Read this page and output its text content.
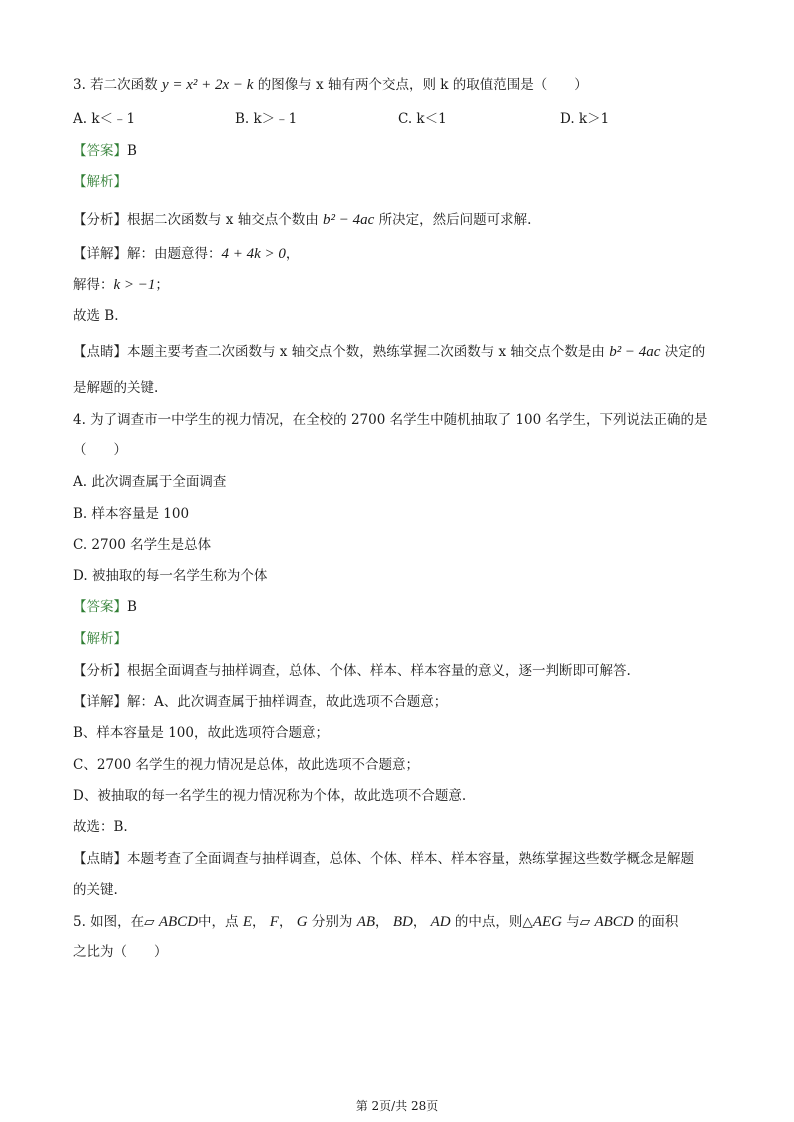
3. 若二次函数 y = x² + 2x − k 的图像与 x 轴有两个交点，则 k 的取值范围是（　　）
A. k＜﹣1	B. k＞﹣1	C. k＜1	D. k＞1
【答案】B
【解析】
【分析】根据二次函数与 x 轴交点个数由 b² − 4ac 所决定，然后问题可求解.
【详解】解：由题意得：4 + 4k > 0，
解得：k > −1；
故选 B.
【点睛】本题主要考查二次函数与 x 轴交点个数，熟练掌握二次函数与 x 轴交点个数是由 b² − 4ac 决定的
是解题的关键.
4. 为了调查市一中学生的视力情况，在全校的 2700 名学生中随机抽取了 100 名学生，下列说法正确的是
（　　）
A. 此次调查属于全面调查
B. 样本容量是 100
C. 2700 名学生是总体
D. 被抽取的每一名学生称为个体
【答案】B
【解析】
【分析】根据全面调查与抽样调查，总体、个体、样本、样本容量的意义，逐一判断即可解答.
【详解】解：A、此次调查属于抽样调查，故此选项不合题意；
B、样本容量是 100，故此选项符合题意；
C、2700 名学生的视力情况是总体，故此选项不合题意；
D、被抽取的每一名学生的视力情况称为个体，故此选项不合题意.
故选：B.
【点睛】本题考查了全面调查与抽样调查，总体、个体、样本、样本容量，熟练掌握这些数学概念是解题
的关键.
5. 如图，在▱ ABCD中，点 E， F， G 分别为 AB， BD， AD 的中点，则△AEG 与▱ ABCD 的面积
之比为（　　）
第 2页/共 28页
